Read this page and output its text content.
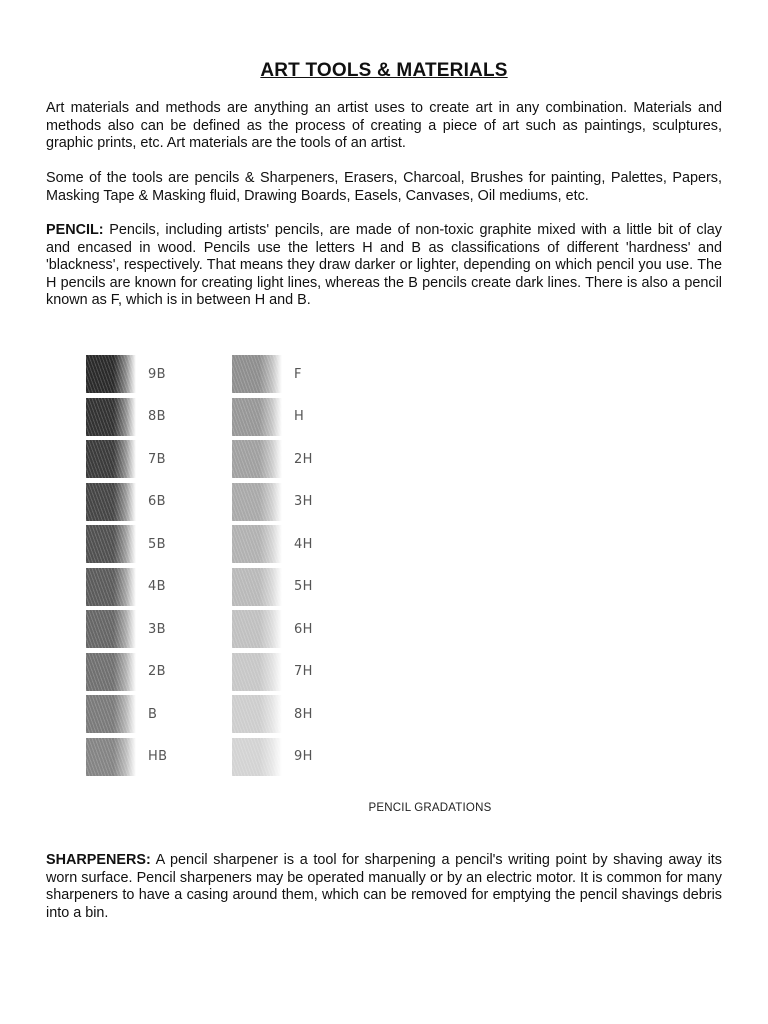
ART TOOLS & MATERIALS

Art materials and methods are anything an artist uses to create art in any combination. Materials and methods also can be defined as the process of creating a piece of art such as paintings, sculptures, graphic prints, etc. Art materials are the tools of an artist.

Some of the tools are pencils & Sharpeners, Erasers, Charcoal, Brushes for painting, Palettes, Papers, Masking Tape & Masking fluid, Drawing Boards, Easels, Canvases, Oil mediums, etc.

PENCIL: Pencils, including artists' pencils, are made of non-toxic graphite mixed with a little bit of clay and encased in wood. Pencils use the letters H and B as classifications of different 'hardness' and 'blackness', respectively. That means they draw darker or lighter, depending on which pencil you use. The H pencils are known for creating light lines, whereas the B pencils create dark lines. There is also a pencil known as F, which is in between H and B.

SHARPENERS: A pencil sharpener is a tool for sharpening a pencil's writing point by shaving away its worn surface. Pencil sharpeners may be operated manually or by an electric motor. It is common for many sharpeners to have a casing around them, which can be removed for emptying the pencil shavings debris into a bin.

9B
8B
7B
6B
5B
4B
3B
2B
B
HB
F
H
2H
3H
4H
5H
6H
7H
8H
9H
PENCIL GRADATIONS
